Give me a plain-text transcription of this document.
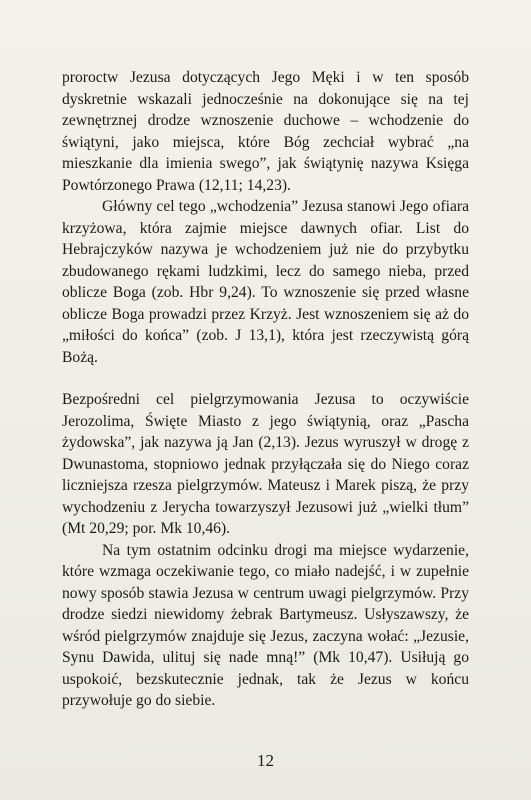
proroctw Jezusa dotyczących Jego Męki i w ten sposób dyskretnie wskazali jednocześnie na dokonujące się na tej zewnętrznej drodze wznoszenie duchowe – wchodzenie do świątyni, jako miejsca, które Bóg zechciał wybrać „na mieszkanie dla imienia swego”, jak świątynię nazywa Księga Powtórzonego Prawa (12,11; 14,23).

Główny cel tego „wchodzenia” Jezusa stanowi Jego ofiara krzyżowa, która zajmie miejsce dawnych ofiar. List do Hebrajczyków nazywa je wchodzeniem już nie do przybytku zbudowanego rękami ludzkimi, lecz do samego nieba, przed oblicze Boga (zob. Hbr 9,24). To wznoszenie się przed własne oblicze Boga prowadzi przez Krzyż. Jest wznoszeniem się aż do „miłości do końca” (zob. J 13,1), która jest rzeczywistą górą Bożą.

Bezpośredni cel pielgrzymowania Jezusa to oczywiście Jerozolima, Święte Miasto z jego świątynią, oraz „Pascha żydowska”, jak nazywa ją Jan (2,13). Jezus wyruszył w drogę z Dwunastoma, stopniowo jednak przyłączała się do Niego coraz liczniejsza rzesza pielgrzymów. Mateusz i Marek piszą, że przy wychodzeniu z Jerycha towarzyszył Jezusowi już „wielki tłum” (Mt 20,29; por. Mk 10,46).

Na tym ostatnim odcinku drogi ma miejsce wydarzenie, które wzmaga oczekiwanie tego, co miało nadejść, i w zupełnie nowy sposób stawia Jezusa w centrum uwagi pielgrzymów. Przy drodze siedzi niewidomy żebrak Bartymeusz. Usłyszawszy, że wśród pielgrzymów znajduje się Jezus, zaczyna wołać: „Jezusie, Synu Dawida, ulituj się nade mną!” (Mk 10,47). Usiłują go uspokoić, bezskutecznie jednak, tak że Jezus w końcu przywołuje go do siebie.

12
